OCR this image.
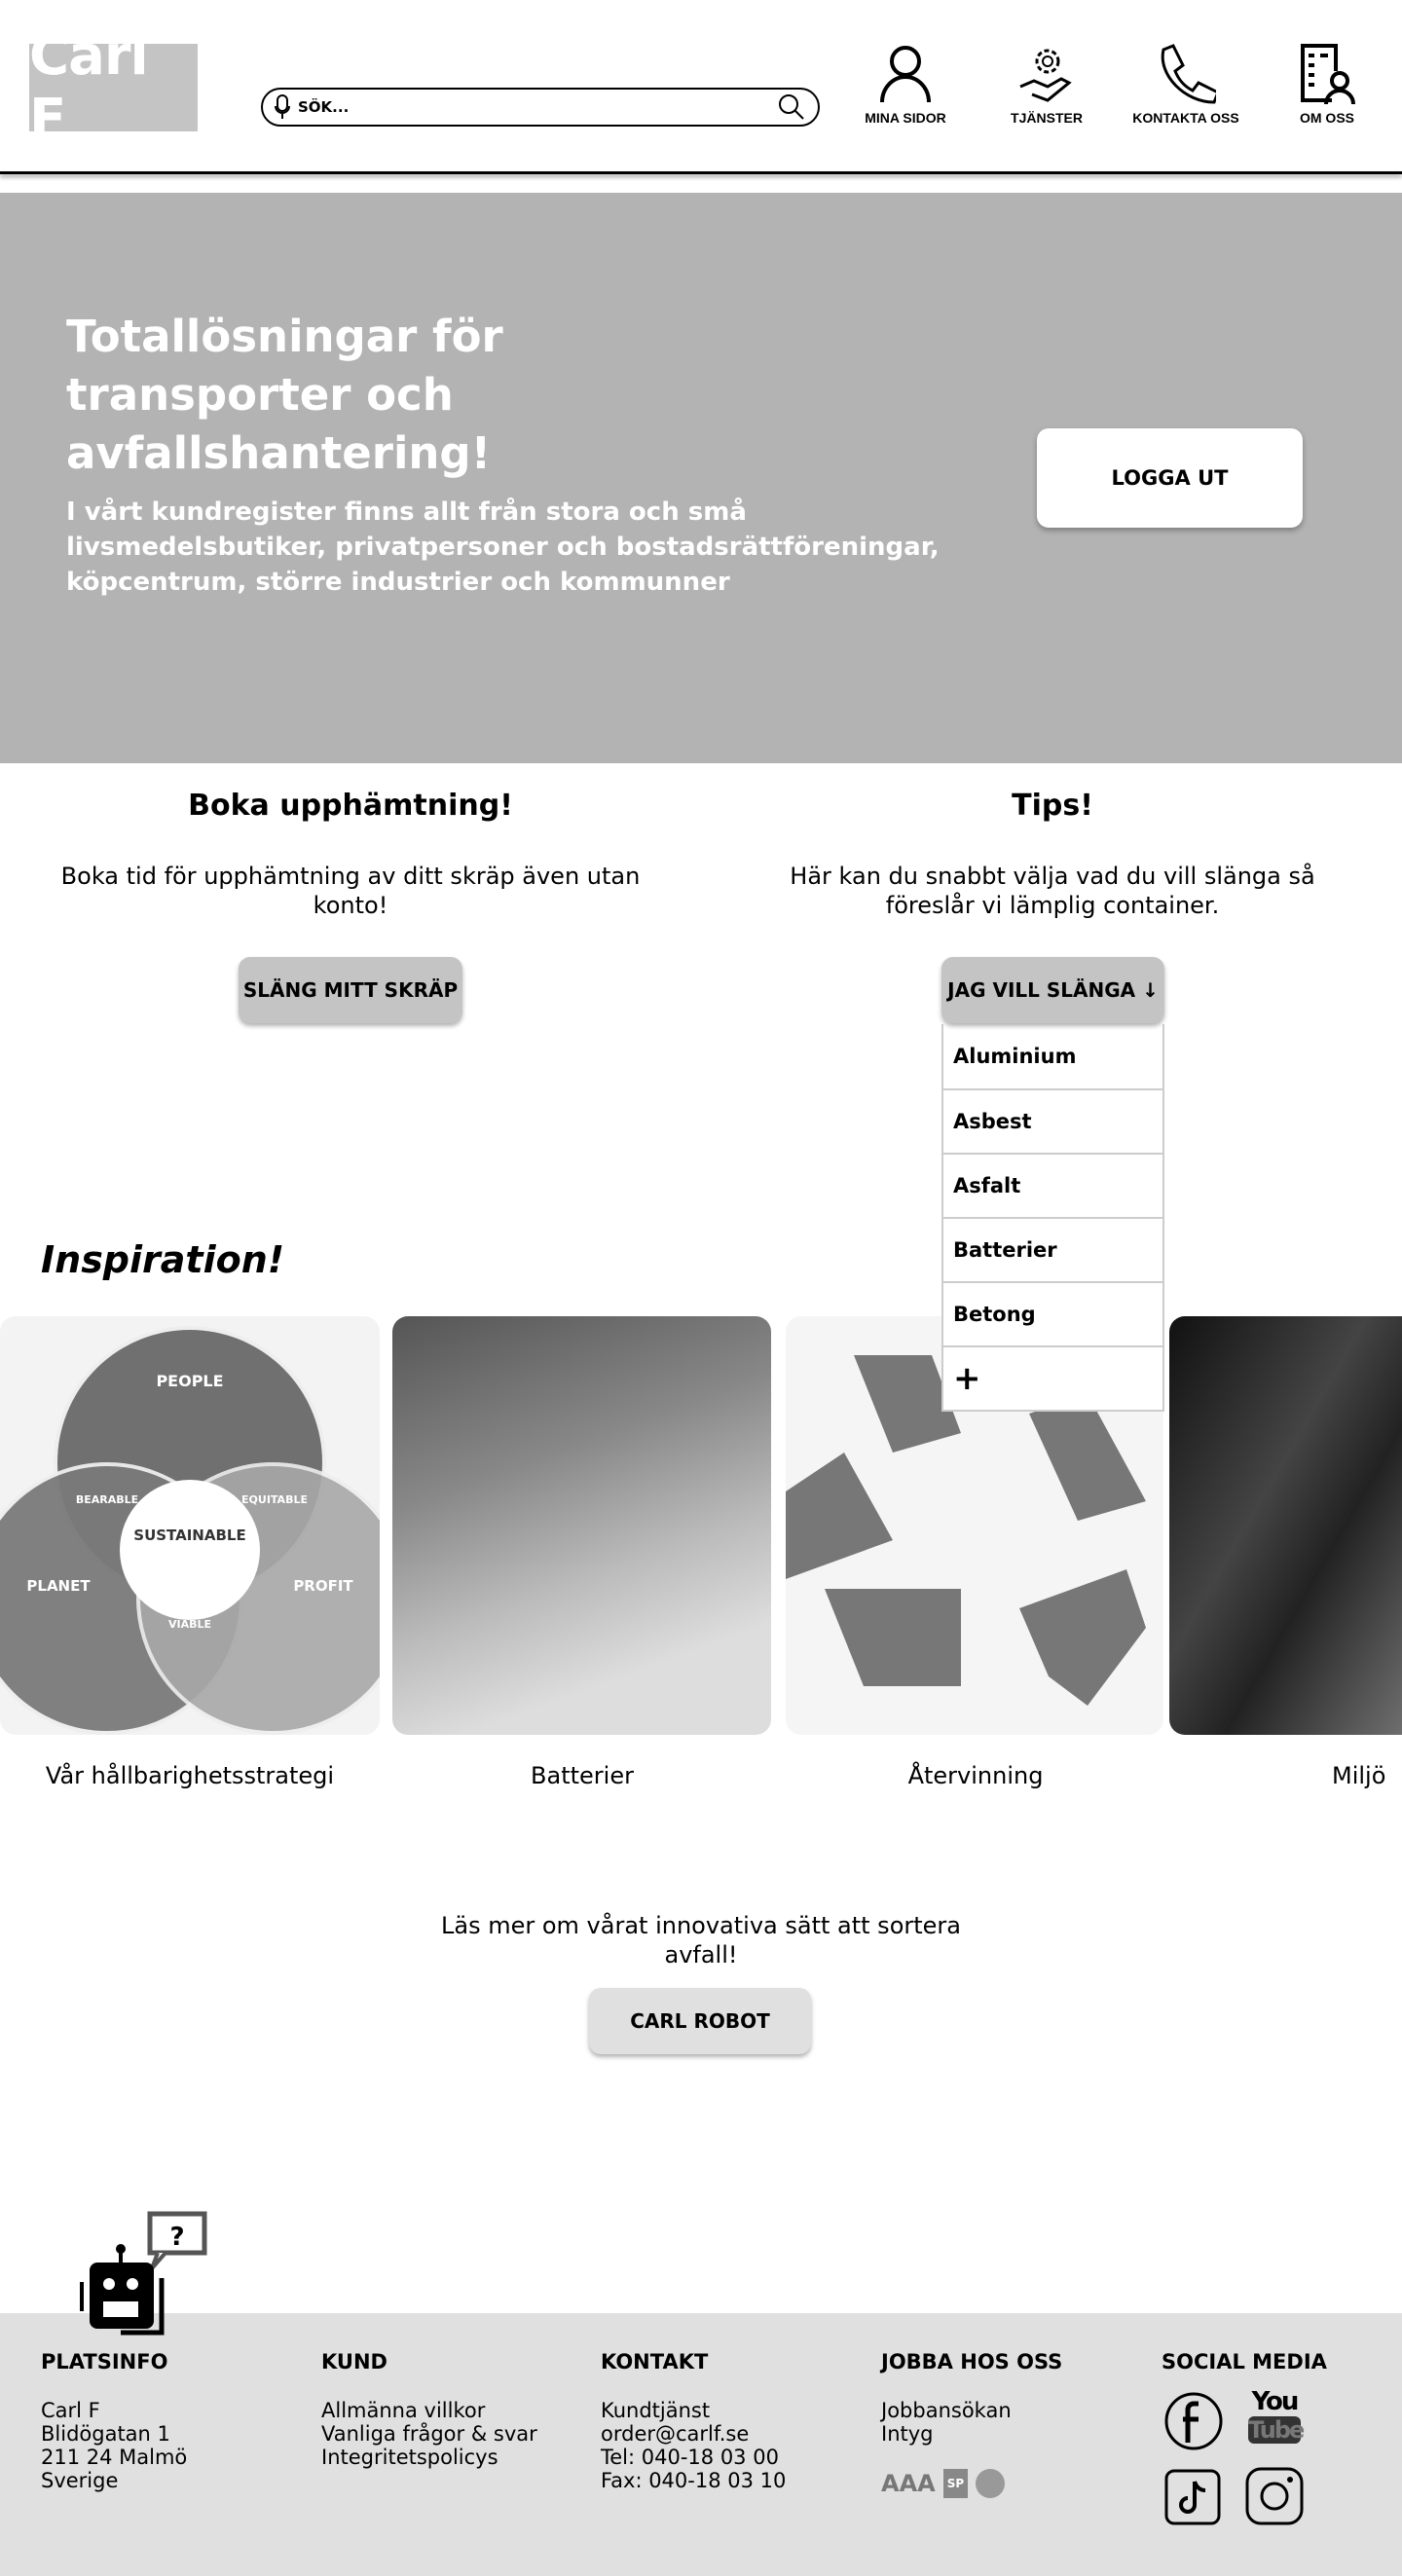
Carl F
SÖK...	MINA SIDOR	TJÄNSTER	KONTAKTA OSS	OM OSS
Totallösningar för transporter och avfallshantering!

I vårt kundregister finns allt från stora och små livsmedelsbutiker, privatpersoner och bostadsrättföreningar, köpcentrum, större industrier och kommunner

LOGGA UT
Boka upphämtning!
Boka tid för upphämtning av ditt skräp även utan konto!
SLÄNG MITT SKRÄP
Tips!
Här kan du snabbt välja vad du vill slänga så föreslår vi lämplig container.
JAG VILL SLÄNGA ↓
Aluminium
Asbest
Asfalt
Batterier
Betong
+
Inspiration!
PEOPLE
SUSTAINABLE
PLANET	PROFIT
BEARABLE	EQUITABLE
VIABLE
Vår hållbarighetsstrategi	Batterier	Återvinning	Miljö
Läs mer om vårat innovativa sätt att sortera avfall!
CARL ROBOT
?
PLATSINFO
Carl F
Blidögatan 1
211 24 Malmö
Sverige
KUND
Allmänna villkor
Vanliga frågor & svar
Integritetspolicys
KONTAKT
Kundtjänst
order@carlf.se
Tel: 040-18 03 00
Fax: 040-18 03 10
JOBBA HOS OSS
Jobbansökan
Intyg
AAA	SP
SOCIAL MEDIA
You
Tube
